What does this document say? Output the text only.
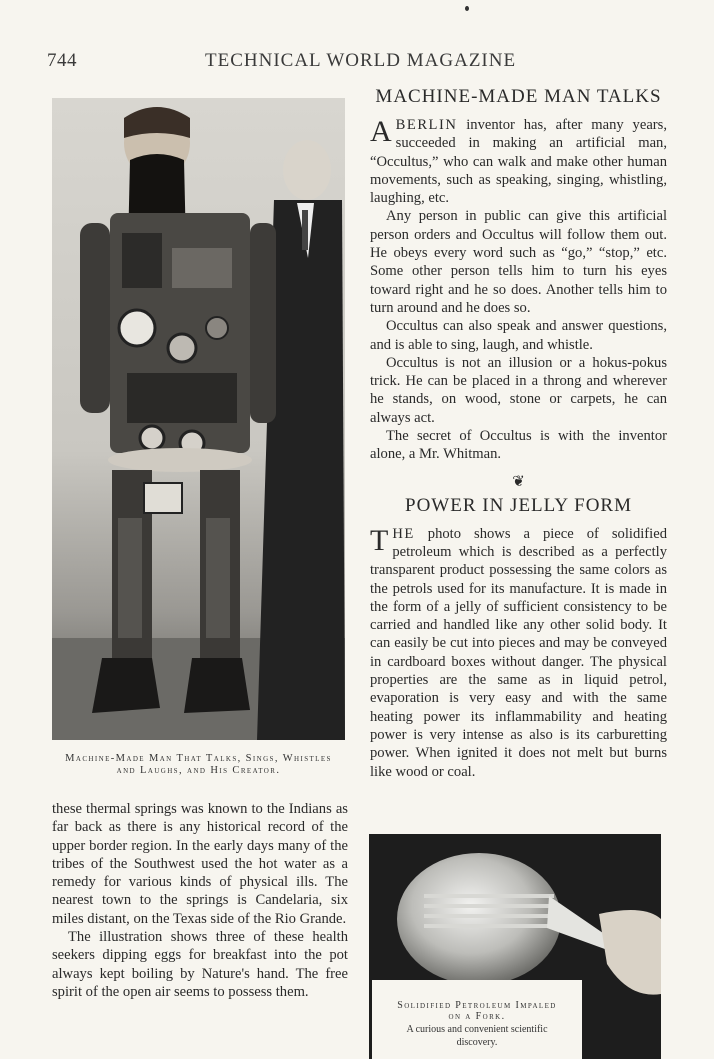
744	TECHNICAL WORLD MAGAZINE
Machine-Made Man That Talks, Sings, Whistles
and Laughs, and His Creator.

these thermal springs was known to the Indians as far back as there is any historical record of the upper border region. In the early days many of the tribes of the Southwest used the hot water as a remedy for various kinds of physical ills. The nearest town to the springs is Candelaria, six miles distant, on the Texas side of the Rio Grande.

The illustration shows three of these health seekers dipping eggs for breakfast into the pot always kept boiling by Nature's hand. The free spirit of the open air seems to possess them.

MACHINE-MADE MAN TALKS

ABERLIN inventor has, after many years, succeeded in making an artificial man, “Occultus,” who can walk and make other human movements, such as speaking, singing, whistling, laughing, etc.

Any person in public can give this artificial person orders and Occultus will follow them out. He obeys every word such as “go,” “stop,” etc. Some other person tells him to turn his eyes toward right and he so does. Another tells him to turn around and he does so.

Occultus can also speak and answer questions, and is able to sing, laugh, and whistle.

Occultus is not an illusion or a hokus-pokus trick. He can be placed in a throng and wherever he stands, on wood, stone or carpets, he can always act.

The secret of Occultus is with the inventor alone, a Mr. Whitman.

❦
POWER IN JELLY FORM

THE photo shows a piece of solidified petroleum which is described as a perfectly transparent product possessing the same colors as the petrols used for its manufacture. It is made in the form of a jelly of sufficient consistency to be carried and handled like any other solid body. It can easily be cut into pieces and may be conveyed in cardboard boxes without danger. The physical properties are the same as in liquid petrol, evaporation is very easy and with the same heating power its inflammability and heating power is very intense as also is its carburetting power. When ignited it does not melt but burns like wood or coal.

Solidified Petroleum Impaled
on a Fork.
A curious and convenient scientific
discovery.
